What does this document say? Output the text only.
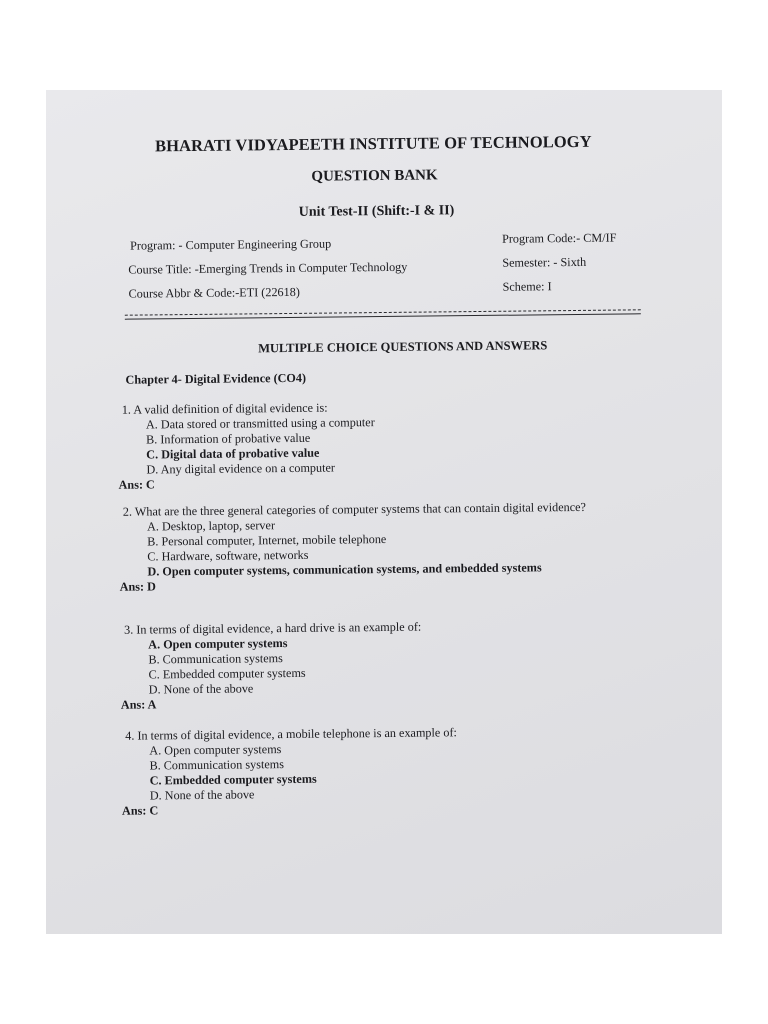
BHARATI VIDYAPEETH INSTITUTE OF TECHNOLOGY
QUESTION BANK
Unit Test-II (Shift:-I & II)
Program: - Computer Engineering Group	Program Code:- CM/IF
Course Title: -Emerging Trends in Computer Technology	Semester: - Sixth
Course Abbr & Code:-ETI (22618)	Scheme: I
MULTIPLE CHOICE QUESTIONS AND ANSWERS
Chapter 4- Digital Evidence (CO4)
1. A valid definition of digital evidence is:
A. Data stored or transmitted using a computer
B. Information of probative value
C. Digital data of probative value
D. Any digital evidence on a computer
Ans: C
2. What are the three general categories of computer systems that can contain digital evidence?
A. Desktop, laptop, server
B. Personal computer, Internet, mobile telephone
C. Hardware, software, networks
D. Open computer systems, communication systems, and embedded systems
Ans: D
3. In terms of digital evidence, a hard drive is an example of:
A. Open computer systems
B. Communication systems
C. Embedded computer systems
D. None of the above
Ans: A
4. In terms of digital evidence, a mobile telephone is an example of:
A. Open computer systems
B. Communication systems
C. Embedded computer systems
D. None of the above
Ans: C
